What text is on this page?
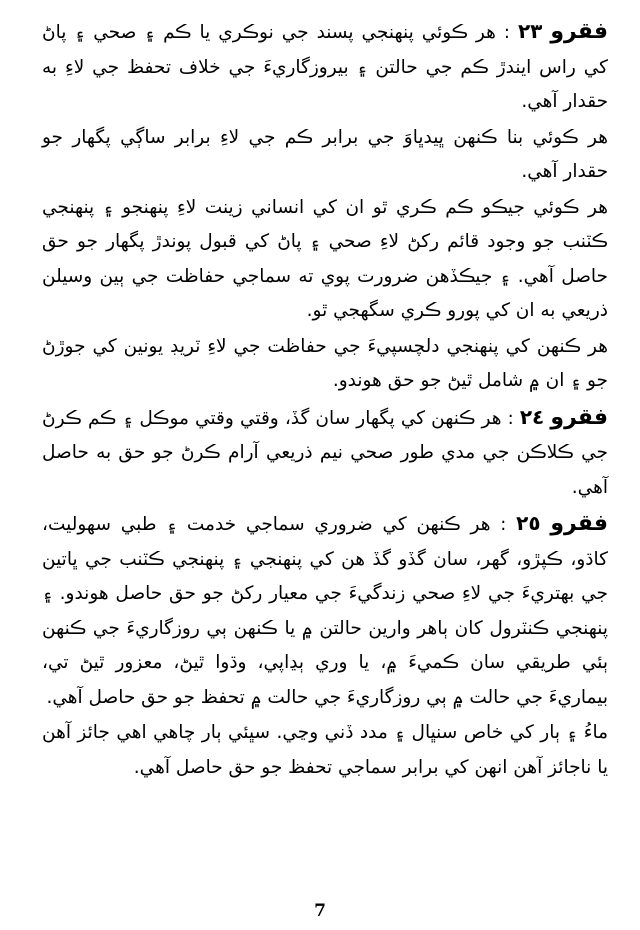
فقرو ٢٣ : هر ڪوئي پنهنجي پسند جي نوڪري يا ڪم ۽ صحي ۽ پاڻ کي راس ايندڙ ڪم جي حالتن ۽ بيروزگاريءَ جي خلاف تحفظ جي لاءِ به حقدار آهي.

هر ڪوئي بنا ڪنهن ڀيدڀاوَ جي برابر ڪم جي لاءِ برابر ساڳي پگهار جو حقدار آهي.

هر ڪوئي جيڪو ڪم ڪري ٿو ان کي انساني زينت لاءِ پنهنجو ۽ پنهنجي ڪٽنب جو وجود قائم رکڻ لاءِ صحي ۽ پاڻ کي قبول پوندڙ پگهار جو حق حاصل آهي. ۽ جيڪڏهن ضرورت پوي ته سماجي حفاظت جي ٻين وسيلن ذريعي به ان کي پورو ڪري سگهجي ٿو.

هر ڪنهن کي پنهنجي دلچسپيءَ جي حفاظت جي لاءِ ٽريڊ يونين کي جوڙڻ جو ۽ ان ۾ شامل ٿيڻ جو حق هوندو.

فقرو ٢٤ : هر ڪنهن کي پگهار سان گڏ، وقتي وقتي موڪل ۽ ڪم ڪرڻ جي ڪلاڪن جي مدي طور صحي نيم ذريعي آرام ڪرڻ جو حق به حاصل آهي.

فقرو ٢٥ : هر ڪنهن کي ضروري سماجي خدمت ۽ طبي سهوليت، کاڌو، ڪپڙو، گهر، سان گڏو گڏ هن کي پنهنجي ۽ پنهنجي ڪٽنب جي ڀاتين جي بهتريءَ جي لاءِ صحي زندگيءَ جي معيار رکڻ جو حق حاصل هوندو. ۽ پنهنجي ڪنٽرول کان ٻاهر وارين حالتن ۾ يا ڪنهن ٻي روزگاريءَ جي ڪنهن ٻئي طريقي سان ڪميءَ ۾، يا وري ٻڍاپي، وڌوا ٿيڻ، معزور ٿيڻ تي، بيماريءَ جي حالت ۾ ٻي روزگاريءَ جي حالت ۾ تحفظ جو حق حاصل آهي.

ماءُ ۽ ٻار کي خاص سنڀال ۽ مدد ڏني وڃي. سڀئي ٻار چاهي اهي جائز آهن يا ناجائز آهن انهن کي برابر سماجي تحفظ جو حق حاصل آهي.

7
